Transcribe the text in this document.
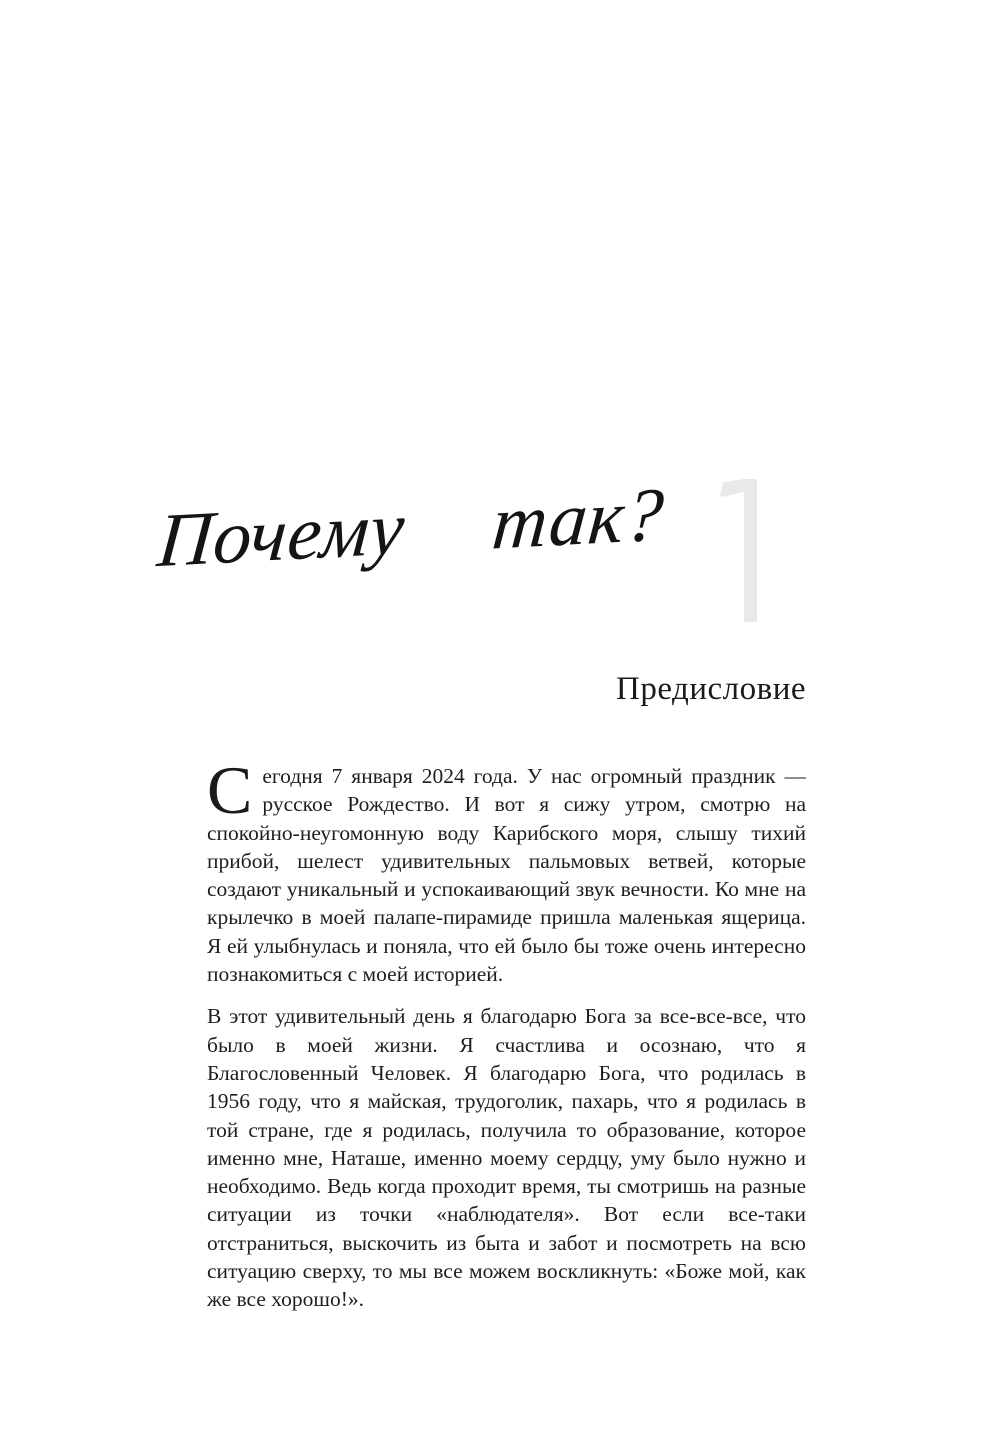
Почему так?
Предисловие

Сегодня 7 января 2024 года. У нас огромный праздник — русское Рождество. И вот я сижу утром, смотрю на спокойно-неугомонную воду Карибского моря, слышу тихий прибой, шелест удивительных пальмовых ветвей, которые создают уникальный и успокаивающий звук вечности. Ко мне на крылечко в моей палапе-пирамиде пришла маленькая ящерица. Я ей улыбнулась и поняла, что ей было бы тоже очень интересно познакомиться с моей историей.

В этот удивительный день я благодарю Бога за все-все-все, что было в моей жизни. Я счастлива и осознаю, что я Благословенный Человек. Я благодарю Бога, что родилась в 1956 году, что я майская, трудоголик, пахарь, что я родилась в той стране, где я родилась, получила то образование, которое именно мне, Наташе, именно моему сердцу, уму было нужно и необходимо. Ведь когда проходит время, ты смотришь на разные ситуации из точки «наблюдателя». Вот если все-таки отстраниться, выскочить из быта и забот и посмотреть на всю ситуацию сверху, то мы все можем воскликнуть: «Боже мой, как же все хорошо!».
